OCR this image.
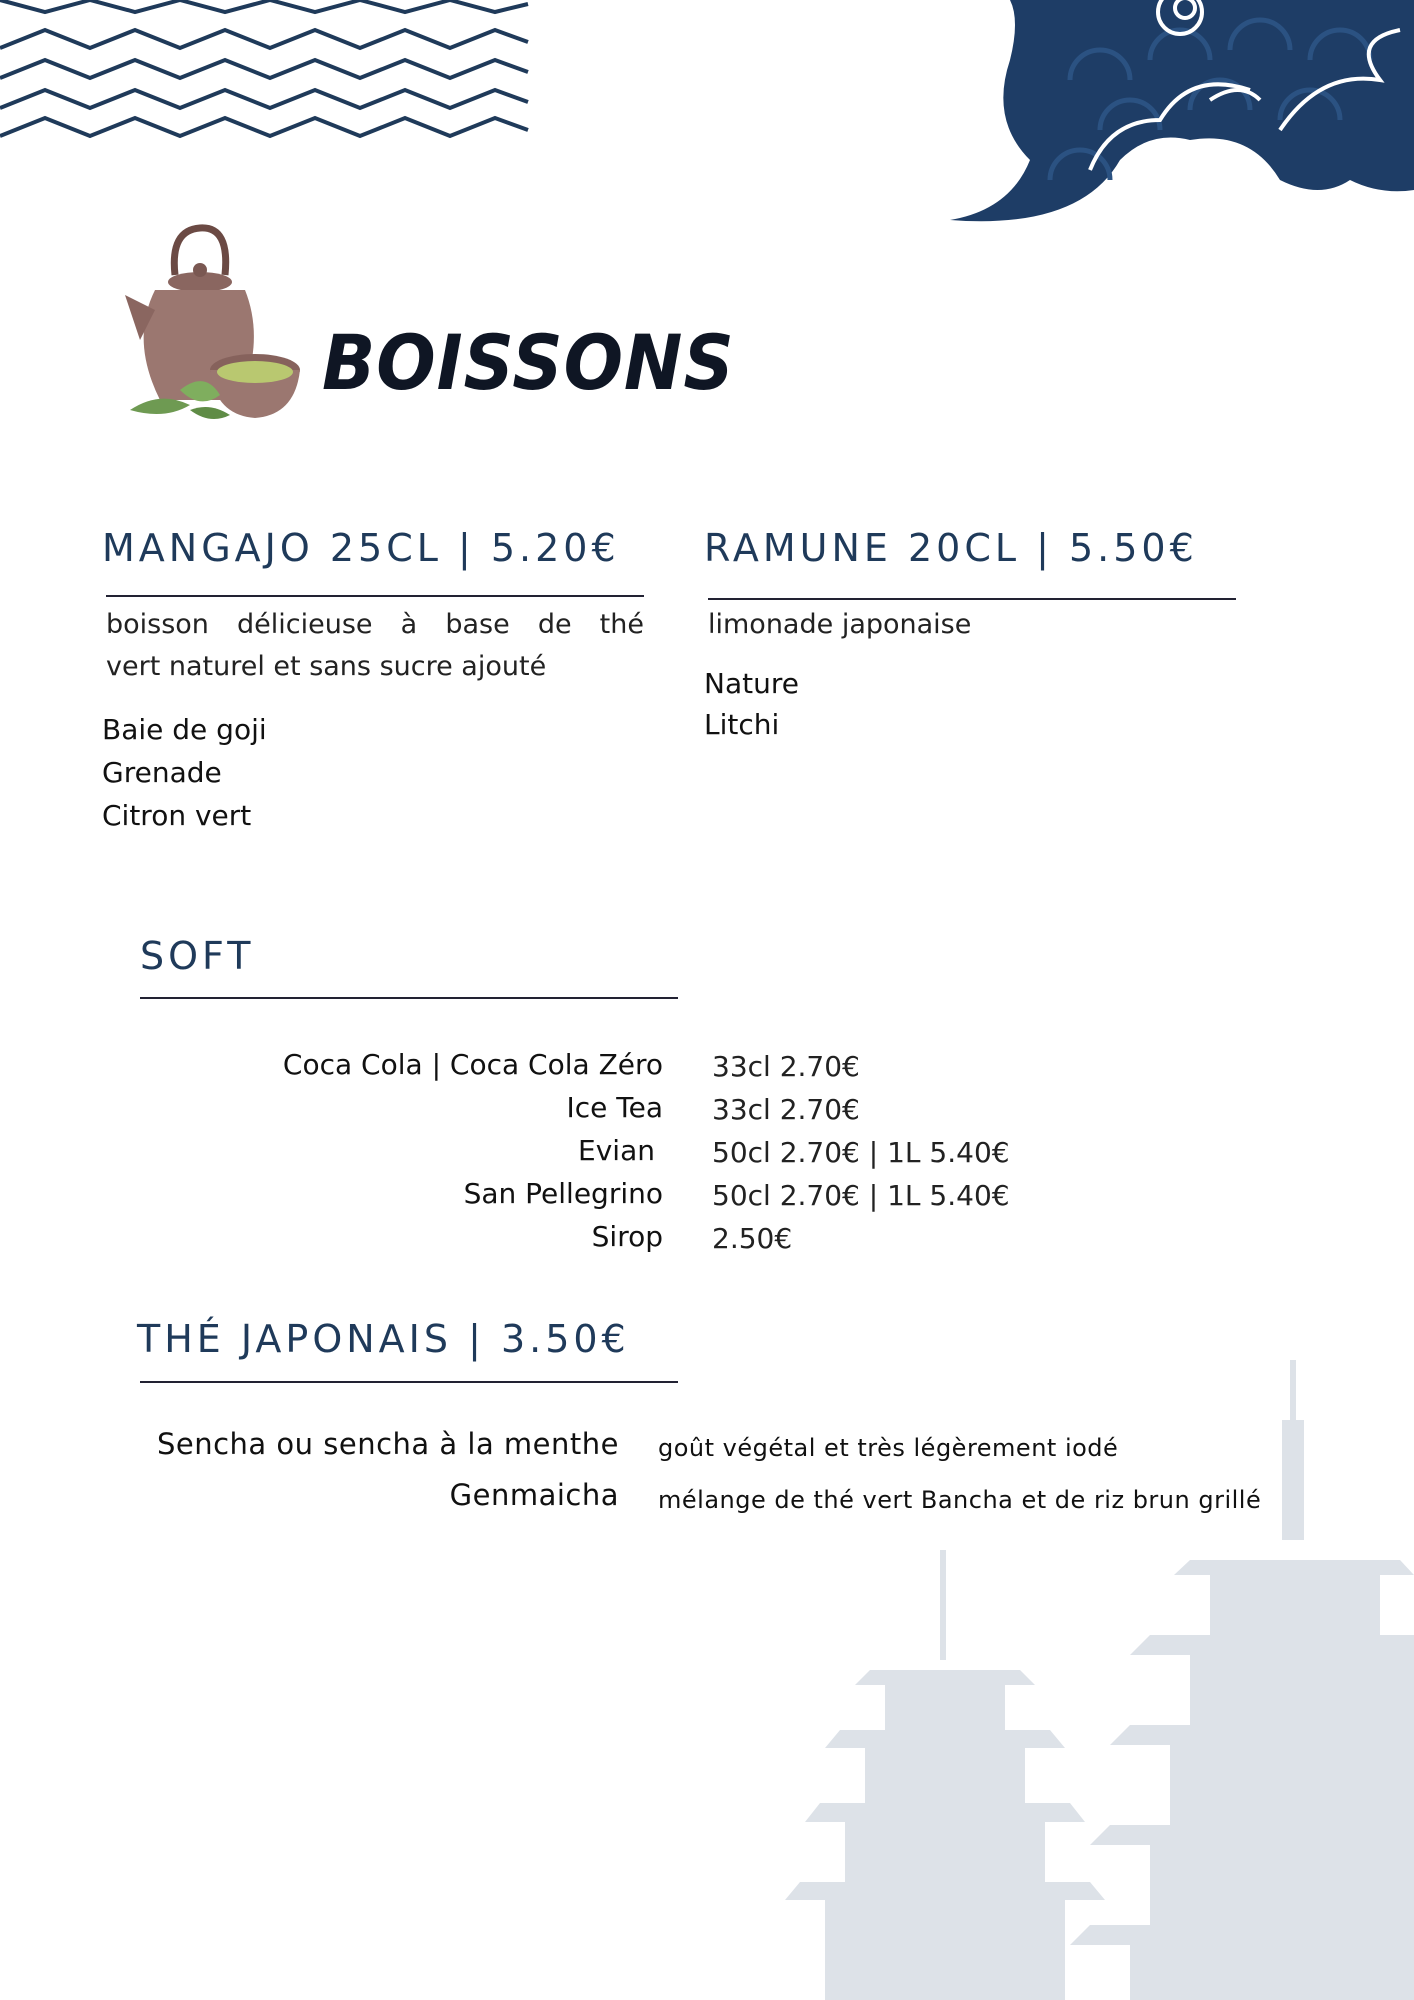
BOISSONS
MANGAJO 25CL | 5.20€
boisson délicieuse à base de thé
vert naturel et sans sucre ajouté
Baie de goji
Grenade
Citron vert
RAMUNE 20CL | 5.50€
limonade japonaise
Nature
Litchi
SOFT
Coca Cola | Coca Cola Zéro 33cl 2.70€
Ice Tea 33cl 2.70€
Evian 50cl 2.70€ | 1L 5.40€
San Pellegrino 50cl 2.70€ | 1L 5.40€
Sirop 2.50€
THÉ JAPONAIS | 3.50€
Sencha ou sencha à la menthe goût végétal et très légèrement iodé
Genmaicha mélange de thé vert Bancha et de riz brun grillé
